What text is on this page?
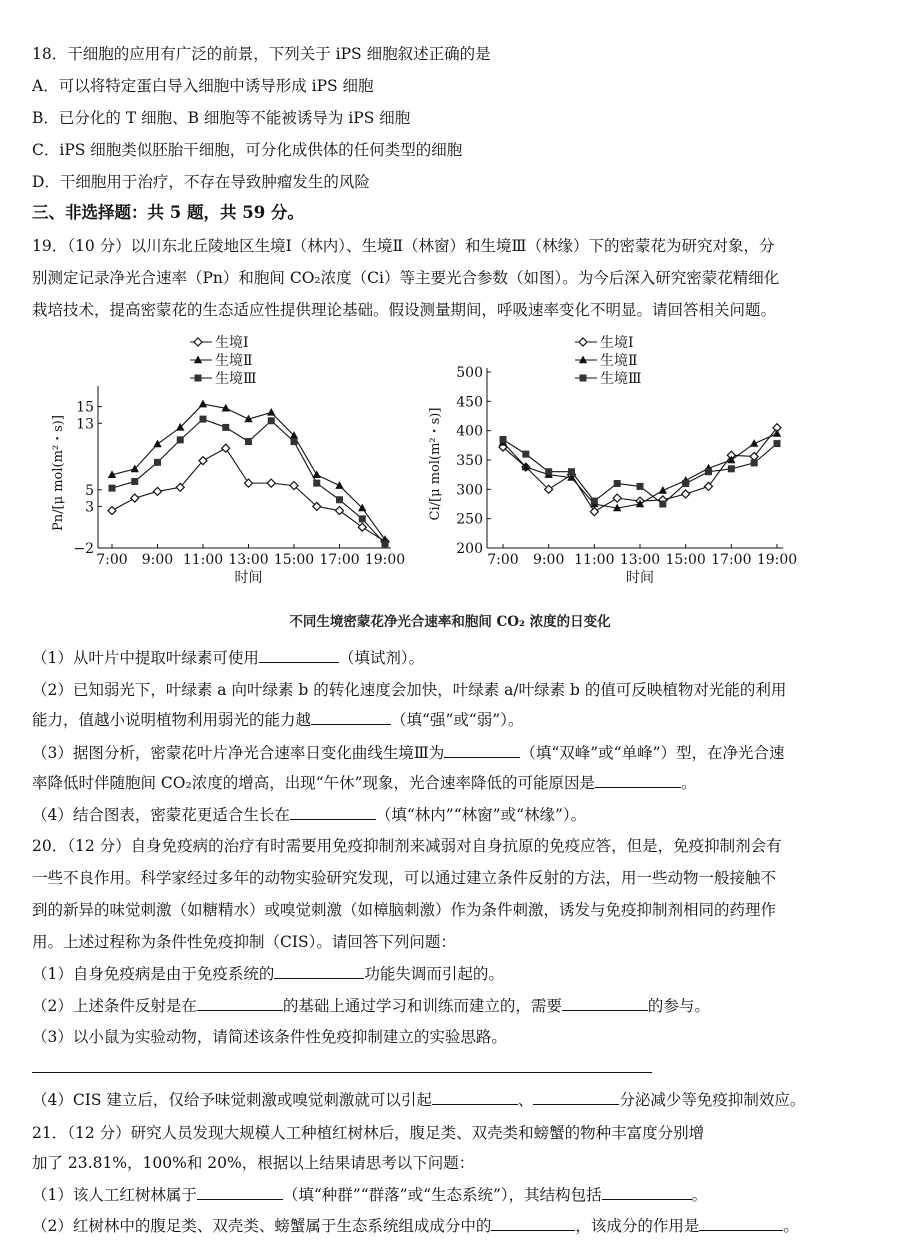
18．干细胞的应用有广泛的前景，下列关于 iPS 细胞叙述正确的是
A．可以将特定蛋白导入细胞中诱导形成 iPS 细胞
B．已分化的 T 细胞、B 细胞等不能被诱导为 iPS 细胞
C．iPS 细胞类似胚胎干细胞，可分化成供体的任何类型的细胞
D．干细胞用于治疗，不存在导致肿瘤发生的风险
三、非选择题：共 5 题，共 59 分。
19．（10 分）以川东北丘陵地区生境Ⅰ（林内）、生境Ⅱ（林窗）和生境Ⅲ（林缘）下的密蒙花为研究对象，分
别测定记录净光合速率（Pn）和胞间 CO₂浓度（Ci）等主要光合参数（如图）。为今后深入研究密蒙花精细化
栽培技术，提高密蒙花的生态适应性提供理论基础。假设测量期间，呼吸速率变化不明显。请回答相关问题。
−2
3
5
13
15
7:00 9:00 11:00 13:00 15:00 17:00 19:00
时间
Pn/[μ mol(m²・s)]
生境Ⅰ
生境Ⅱ
生境Ⅲ
200
250
300
350
400
450
500
7:00 9:00 11:00 13:00 15:00 17:00 19:00
时间
Ci/[μ mol(m²・s)]
生境Ⅰ
生境Ⅱ
生境Ⅲ
不同生境密蒙花净光合速率和胞间 CO₂ 浓度的日变化
（1）从叶片中提取叶绿素可使用	（填试剂）。
（2）已知弱光下，叶绿素 a 向叶绿素 b 的转化速度会加快，叶绿素 a/叶绿素 b 的值可反映植物对光能的利用
能力，值越小说明植物利用弱光的能力越	（填“强”或“弱”）。
（3）据图分析，密蒙花叶片净光合速率日变化曲线生境Ⅲ为	（填“双峰”或“单峰”）型，在净光合速
率降低时伴随胞间 CO₂浓度的增高，出现“午休”现象，光合速率降低的可能原因是	。
（4）结合图表，密蒙花更适合生长在	（填“林内”“林窗”或“林缘”）。
20．（12 分）自身免疫病的治疗有时需要用免疫抑制剂来减弱对自身抗原的免疫应答，但是，免疫抑制剂会有
一些不良作用。科学家经过多年的动物实验研究发现，可以通过建立条件反射的方法，用一些动物一般接触不
到的新异的味觉刺激（如糖精水）或嗅觉刺激（如樟脑刺激）作为条件刺激，诱发与免疫抑制剂相同的药理作
用。上述过程称为条件性免疫抑制（CIS）。请回答下列问题：
（1）自身免疫病是由于免疫系统的	功能失调而引起的。
（2）上述条件反射是在	的基础上通过学习和训练而建立的，需要	的参与。
（3）以小鼠为实验动物，请简述该条件性免疫抑制建立的实验思路。
（4）CIS 建立后，仅给予味觉刺激或嗅觉刺激就可以引起	、	分泌减少等免疫抑制效应。
21．（12 分）研究人员发现大规模人工种植红树林后，腹足类、双壳类和螃蟹的物种丰富度分别增
加了 23.81%，100%和 20%，根据以上结果请思考以下问题：
（1）该人工红树林属于	（填“种群”“群落”或“生态系统”），其结构包括	。
（2）红树林中的腹足类、双壳类、螃蟹属于生态系统组成成分中的	，该成分的作用是	。
